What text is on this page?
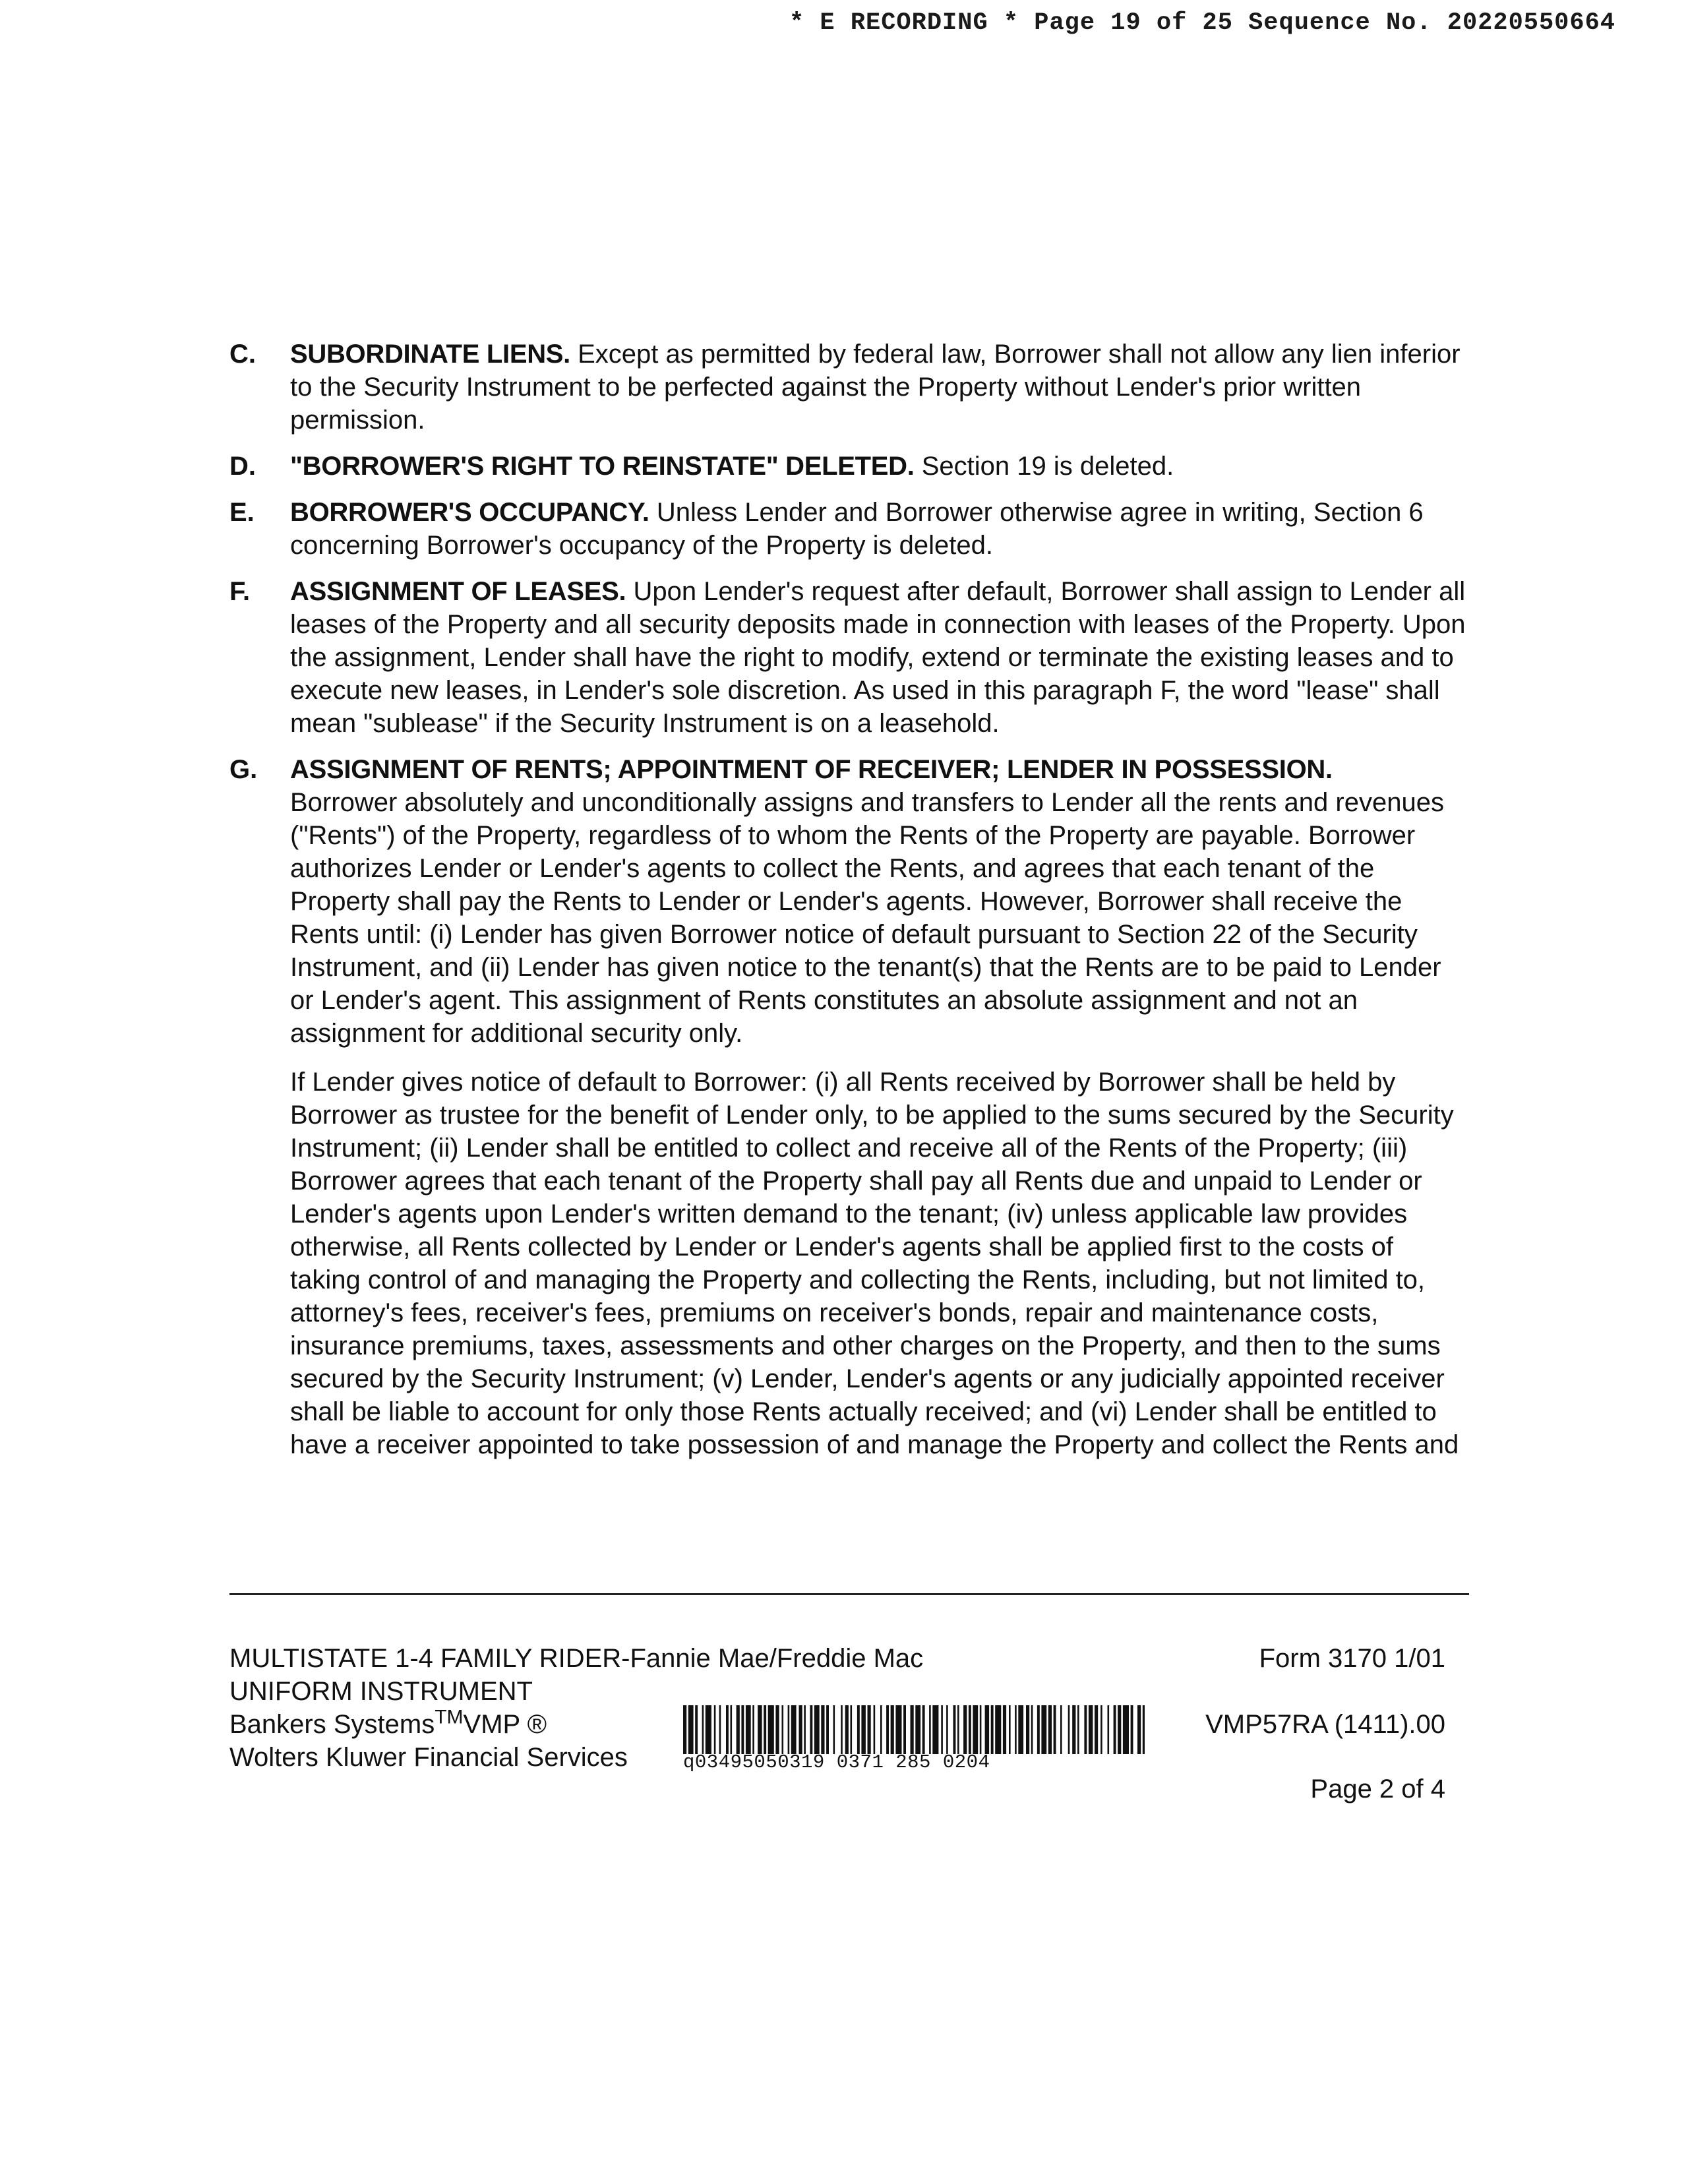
* E RECORDING * Page 19 of 25 Sequence No. 20220550664
C.	SUBORDINATE LIENS. Except as permitted by federal law, Borrower shall not allow any lien inferior to the Security Instrument to be perfected against the Property without Lender's prior written permission.

D.	"BORROWER'S RIGHT TO REINSTATE" DELETED. Section 19 is deleted.

E.	BORROWER'S OCCUPANCY. Unless Lender and Borrower otherwise agree in writing, Section 6 concerning Borrower's occupancy of the Property is deleted.

F.	ASSIGNMENT OF LEASES. Upon Lender's request after default, Borrower shall assign to Lender all leases of the Property and all security deposits made in connection with leases of the Property. Upon the assignment, Lender shall have the right to modify, extend or terminate the existing leases and to execute new leases, in Lender's sole discretion. As used in this paragraph F, the word "lease" shall mean "sublease" if the Security Instrument is on a leasehold.

G.	ASSIGNMENT OF RENTS; APPOINTMENT OF RECEIVER; LENDER IN POSSESSION.
Borrower absolutely and unconditionally assigns and transfers to Lender all the rents and revenues ("Rents") of the Property, regardless of to whom the Rents of the Property are payable. Borrower authorizes Lender or Lender's agents to collect the Rents, and agrees that each tenant of the Property shall pay the Rents to Lender or Lender's agents. However, Borrower shall receive the Rents until: (i) Lender has given Borrower notice of default pursuant to Section 22 of the Security Instrument, and (ii) Lender has given notice to the tenant(s) that the Rents are to be paid to Lender or Lender's agent. This assignment of Rents constitutes an absolute assignment and not an assignment for additional security only.

If Lender gives notice of default to Borrower: (i) all Rents received by Borrower shall be held by Borrower as trustee for the benefit of Lender only, to be applied to the sums secured by the Security Instrument; (ii) Lender shall be entitled to collect and receive all of the Rents of the Property; (iii) Borrower agrees that each tenant of the Property shall pay all Rents due and unpaid to Lender or Lender's agents upon Lender's written demand to the tenant; (iv) unless applicable law provides otherwise, all Rents collected by Lender or Lender's agents shall be applied first to the costs of taking control of and managing the Property and collecting the Rents, including, but not limited to, attorney's fees, receiver's fees, premiums on receiver's bonds, repair and maintenance costs, insurance premiums, taxes, assessments and other charges on the Property, and then to the sums secured by the Security Instrument; (v) Lender, Lender's agents or any judicially appointed receiver shall be liable to account for only those Rents actually received; and (vi) Lender shall be entitled to have a receiver appointed to take possession of and manage the Property and collect the Rents and

MULTISTATE 1-4 FAMILY RIDER-Fannie Mae/Freddie Mac
UNIFORM INSTRUMENT
Bankers Systems™VMP ®
Wolters Kluwer Financial Services	q03495050319 0371 285 0204
Form 3170 1/01
VMP57RA (1411).00
Page 2 of 4
